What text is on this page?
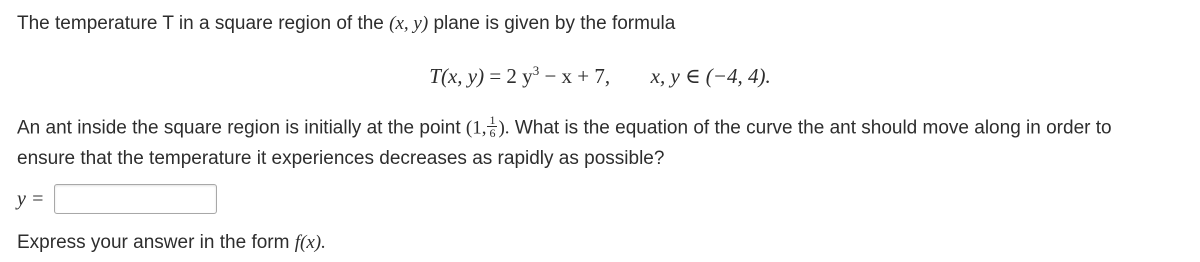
The temperature T in a square region of the (x, y) plane is given by the formula
T(x, y) = 2 $y^3 - x + 7$, x, y ∈ (−4, 4).
An ant inside the square region is initially at the point (1, $\frac{1}{6}$ ). What is the equation of the curve the ant should move along in order to
ensure that the temperature it experiences decreases as rapidly as possible?
y =
Express your answer in the form f(x).
